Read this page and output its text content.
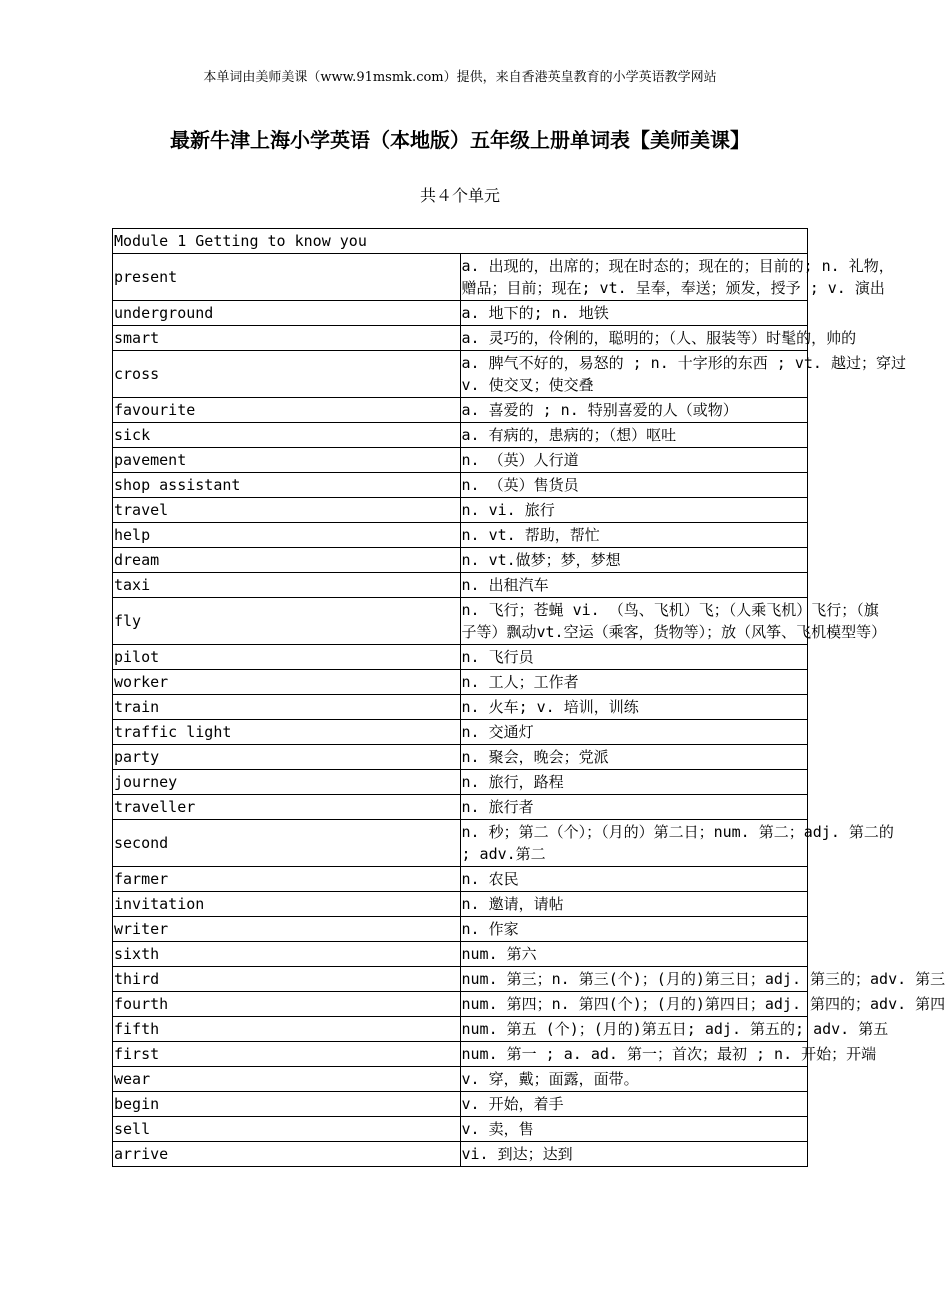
本单词由美师美课（www.91msmk.com）提供，来自香港英皇教育的小学英语教学网站
最新牛津上海小学英语（本地版）五年级上册单词表【美师美课】
共４个单元
Module 1 Getting to know you	
present	a. 出现的，出席的；现在时态的；现在的；目前的; n. 礼物，
赠品；目前；现在; vt. 呈奉，奉送；颁发，授予 ; v. 演出

underground	a. 地下的; n. 地铁

smart	a. 灵巧的，伶俐的，聪明的；（人、服装等）时髦的，帅的

cross	a. 脾气不好的，易怒的 ; n. 十字形的东西 ; vt. 越过；穿过
v. 使交叉；使交叠

favourite	a. 喜爱的 ; n. 特别喜爱的人（或物）

sick	a. 有病的，患病的；（想）呕吐

pavement	n. （英）人行道

shop assistant	n. （英）售货员

travel	n. vi. 旅行

help	n. vt. 帮助，帮忙

dream	n. vt.做梦；梦，梦想

taxi	n. 出租汽车

fly	n. 飞行；苍蝇 vi. （鸟、飞机）飞；（人乘飞机）飞行；（旗
子等）飘动vt.空运（乘客，货物等）；放（风筝、飞机模型等）

pilot	n. 飞行员

worker	n. 工人；工作者

train	n. 火车; v. 培训，训练

traffic light	n. 交通灯

party	n. 聚会，晚会；党派

journey	n. 旅行，路程

traveller	n. 旅行者

second	n. 秒；第二（个）；（月的）第二日；num. 第二；adj. 第二的
; adv.第二

farmer	n. 农民

invitation	n. 邀请，请帖

writer	n. 作家

sixth	num. 第六

third	num. 第三；n. 第三(个)；(月的)第三日；adj. 第三的；adv. 第三

fourth	num. 第四；n. 第四(个)；(月的)第四日；adj. 第四的；adv. 第四

fifth	num. 第五 (个)；(月的)第五日; adj. 第五的; adv. 第五

first	num. 第一 ; a. ad. 第一；首次；最初 ; n. 开始；开端

wear	v. 穿，戴；面露，面带。

begin	v. 开始，着手

sell	v. 卖，售

arrive	vi. 到达；达到
